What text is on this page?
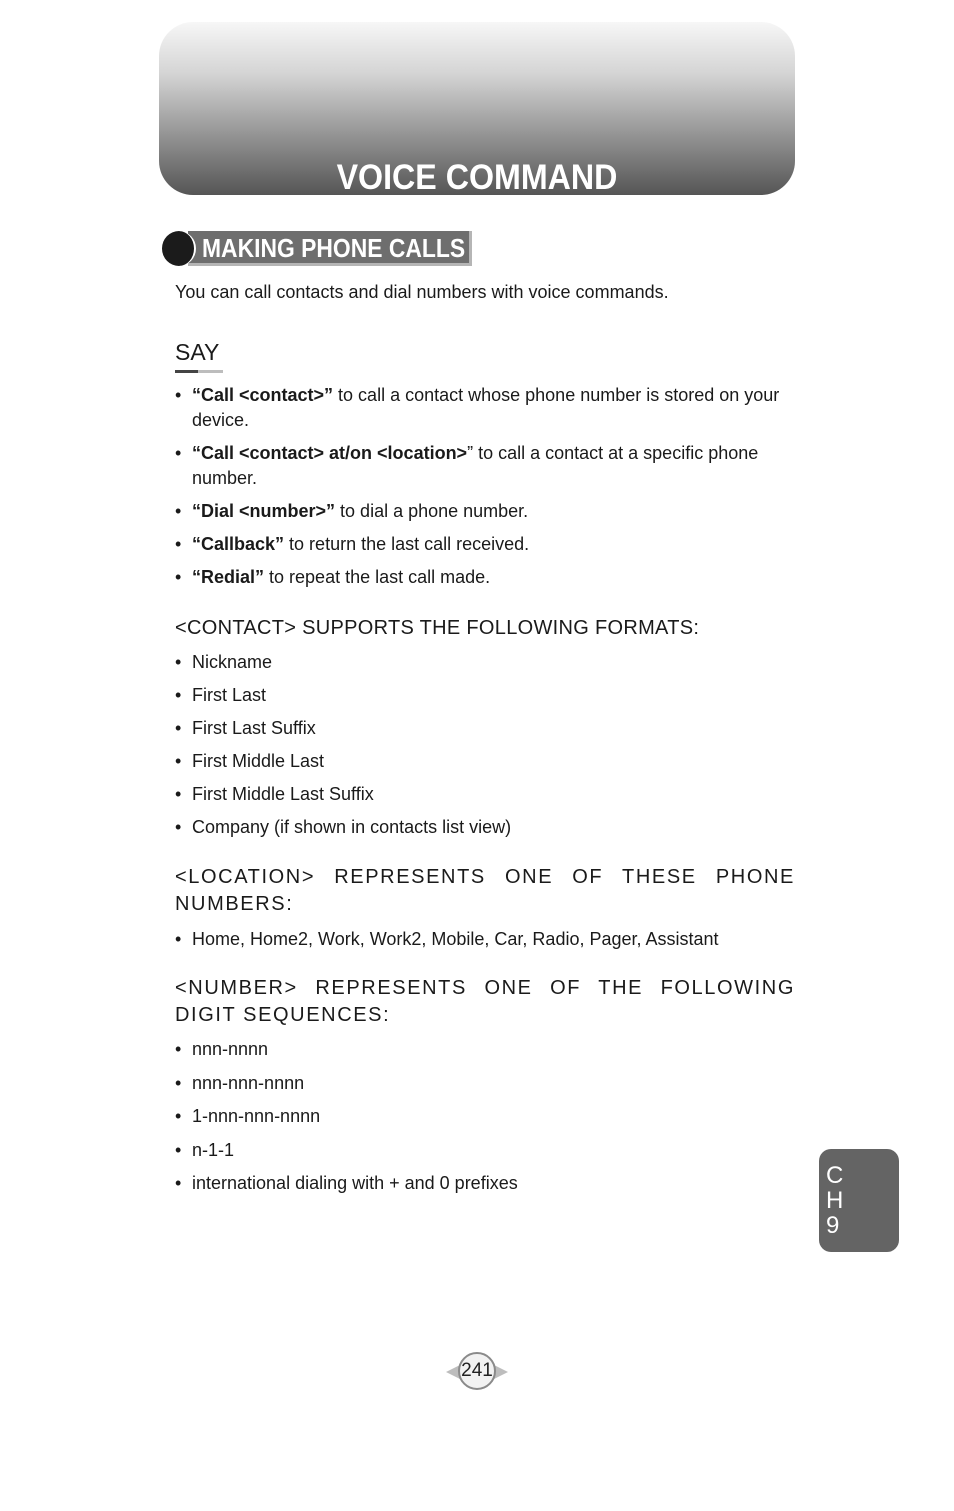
VOICE COMMAND
MAKING PHONE CALLS

You can call contacts and dial numbers with voice commands.

SAY
• “Call <contact>” to call a contact whose phone number is stored on your device.
• “Call <contact> at/on <location>” to call a contact at a specific phone number.
• “Dial <number>” to dial a phone number.
• “Callback” to return the last call received.
• “Redial” to repeat the last call made.
<CONTACT> SUPPORTS THE FOLLOWING FORMATS:
• Nickname
• First Last
• First Last Suffix
• First Middle Last
• First Middle Last Suffix
• Company (if shown in contacts list view)
<LOCATION> REPRESENTS ONE OF THESE PHONE NUMBERS:
• Home, Home2, Work, Work2, Mobile, Car, Radio, Pager, Assistant
<NUMBER> REPRESENTS ONE OF THE FOLLOWING DIGIT SEQUENCES:
• nnn-nnnn
• nnn-nnn-nnnn
• 1-nnn-nnn-nnnn
• n-1-1
• international dialing with + and 0 prefixes	C
H
9
241
